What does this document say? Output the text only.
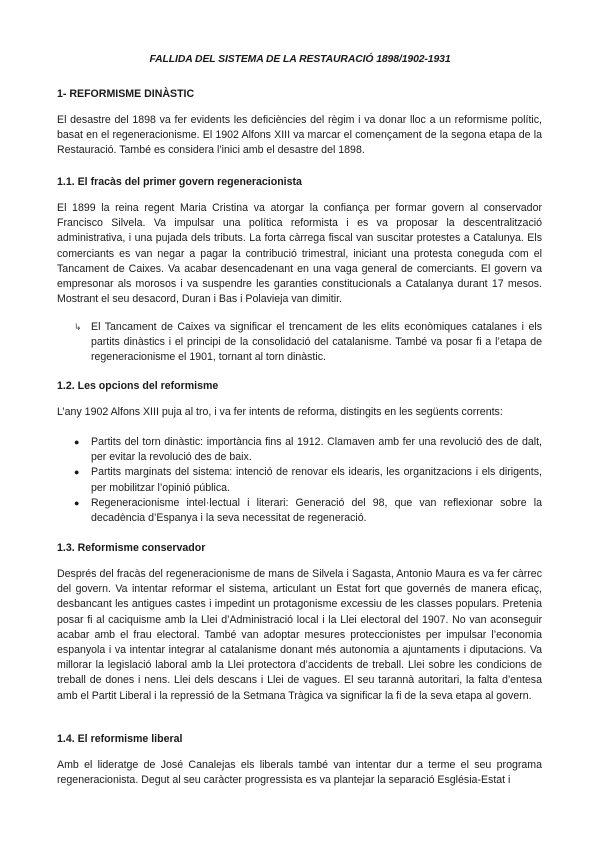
FALLIDA DEL SISTEMA DE LA RESTAURACIÓ 1898/1902-1931
1- REFORMISME DINÀSTIC

El desastre del 1898 va fer evidents les deficiències del règim i va donar lloc a un reformisme polític, basat en el regeneracionisme. El 1902 Alfons XIII va marcar el començament de la segona etapa de la Restauració. També es considera l’inici amb el desastre del 1898.

1.1. El fracàs del primer govern regeneracionista

El 1899 la reina regent Maria Cristina va atorgar la confiança per formar govern al conservador Francisco Silvela. Va impulsar una política reformista i es va proposar la descentralització administrativa, i una pujada dels tributs. La forta càrrega fiscal van suscitar protestes a Catalunya. Els comerciants es van negar a pagar la contribució trimestral, iniciant una protesta coneguda com el Tancament de Caixes. Va acabar desencadenant en una vaga general de comerciants. El govern va empresonar als morosos i va suspendre les garanties constitucionals a Catalanya durant 17 mesos. Mostrant el seu desacord, Duran i Bas i Polavieja van dimitir.

↳ El Tancament de Caixes va significar el trencament de les elits econòmiques catalanes i els partits dinàstics i el principi de la consolidació del catalanisme. També va posar fi a l’etapa de regeneracionisme el 1901, tornant al torn dinàstic.
1.2. Les opcions del reformisme

L’any 1902 Alfons XIII puja al tro, i va fer intents de reforma, distingits en les següents corrents:

●	Partits del torn dinàstic: importància fins al 1912. Clamaven amb fer una revolució des de dalt, per evitar la revolució des de baix.
●	Partits marginats del sistema: intenció de renovar els idearis, les organitzacions i els dirigents, per mobilitzar l’opinió pública.
●	Regeneracionisme intel·lectual i literari: Generació del 98, que van reflexionar sobre la decadència d’Espanya i la seva necessitat de regeneració.
1.3. Reformisme conservador

Després del fracàs del regeneracionisme de mans de Silvela i Sagasta, Antonio Maura es va fer càrrec del govern. Va intentar reformar el sistema, articulant un Estat fort que governés de manera eficaç, desbancant les antigues castes i impedint un protagonisme excessiu de les classes populars. Pretenia posar fi al caciquisme amb la Llei d’Administració local i la Llei electoral del 1907. No van aconseguir acabar amb el frau electoral. També van adoptar mesures proteccionistes per impulsar l’economia espanyola i va intentar integrar al catalanisme donant més autonomia a ajuntaments i diputacions. Va millorar la legislació laboral amb la Llei protectora d’accidents de treball. Llei sobre les condicions de treball de dones i nens. Llei dels descans i Llei de vagues. El seu tarannà autoritari, la falta d’entesa amb el Partit Liberal i la repressió de la Setmana Tràgica va significar la fi de la seva etapa al govern.

1.4. El reformisme liberal

Amb el lideratge de José Canalejas els liberals també van intentar dur a terme el seu programa regeneracionista. Degut al seu caràcter progressista es va plantejar la separació Església-Estat i
